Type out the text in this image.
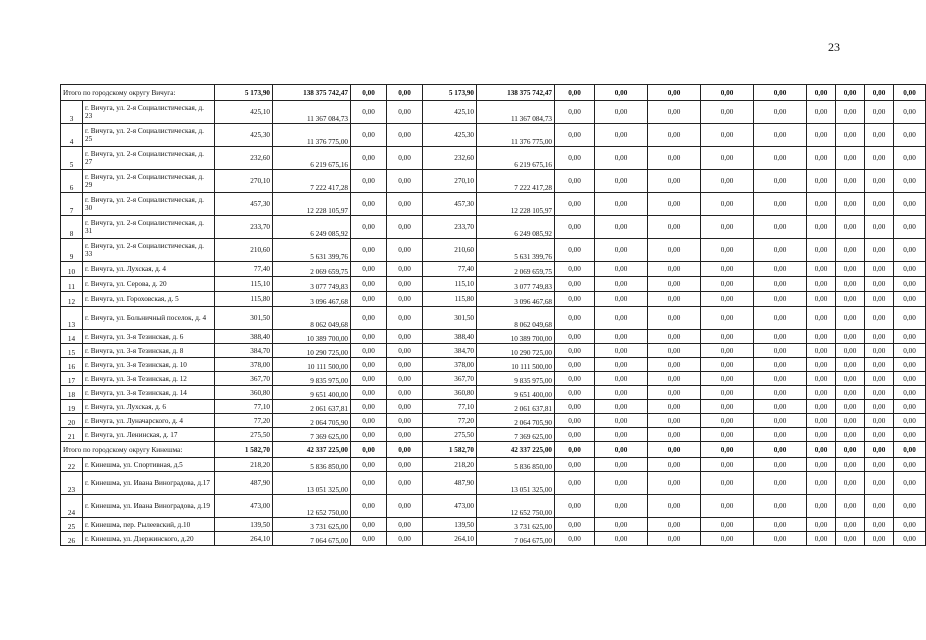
23
Итого по городскому округу Вичуга:		5 173,90	138 375 742,47	0,00	0,00	5 173,90	138 375 742,47	0,00	0,00	0,00	0,00	0,00	0,00	0,00	0,00	0,00
3	г. Вичуга, ул. 2-я Социалистическая, д. 23	425,10	11 367 084,73	0,00	0,00	425,10	11 367 084,73	0,00	0,00	0,00	0,00	0,00	0,00	0,00	0,00	0,00
4	г. Вичуга, ул. 2-я Социалистическая, д. 25	425,30	11 376 775,00	0,00	0,00	425,30	11 376 775,00	0,00	0,00	0,00	0,00	0,00	0,00	0,00	0,00	0,00
5	г. Вичуга, ул. 2-я Социалистическая, д. 27	232,60	6 219 675,16	0,00	0,00	232,60	6 219 675,16	0,00	0,00	0,00	0,00	0,00	0,00	0,00	0,00	0,00
6	г. Вичуга, ул. 2-я Социалистическая, д. 29	270,10	7 222 417,28	0,00	0,00	270,10	7 222 417,28	0,00	0,00	0,00	0,00	0,00	0,00	0,00	0,00	0,00
7	г. Вичуга, ул. 2-я Социалистическая, д. 30	457,30	12 228 105,97	0,00	0,00	457,30	12 228 105,97	0,00	0,00	0,00	0,00	0,00	0,00	0,00	0,00	0,00
8	г. Вичуга, ул. 2-я Социалистическая, д. 31	233,70	6 249 085,92	0,00	0,00	233,70	6 249 085,92	0,00	0,00	0,00	0,00	0,00	0,00	0,00	0,00	0,00
9	г. Вичуга, ул. 2-я Социалистическая, д. 33	210,60	5 631 399,76	0,00	0,00	210,60	5 631 399,76	0,00	0,00	0,00	0,00	0,00	0,00	0,00	0,00	0,00
10	г. Вичуга, ул. Лухская, д. 4	77,40	2 069 659,75	0,00	0,00	77,40	2 069 659,75	0,00	0,00	0,00	0,00	0,00	0,00	0,00	0,00	0,00
11	г. Вичуга, ул. Серова, д. 20	115,10	3 077 749,83	0,00	0,00	115,10	3 077 749,83	0,00	0,00	0,00	0,00	0,00	0,00	0,00	0,00	0,00
12	г. Вичуга, ул. Гороховская, д. 5	115,80	3 096 467,68	0,00	0,00	115,80	3 096 467,68	0,00	0,00	0,00	0,00	0,00	0,00	0,00	0,00	0,00
13	г. Вичуга, ул. Больничный поселок, д. 4	301,50	8 062 049,68	0,00	0,00	301,50	8 062 049,68	0,00	0,00	0,00	0,00	0,00	0,00	0,00	0,00	0,00
14	г. Вичуга, ул. 3-я Тезинская, д. 6	388,40	10 389 700,00	0,00	0,00	388,40	10 389 700,00	0,00	0,00	0,00	0,00	0,00	0,00	0,00	0,00	0,00
15	г. Вичуга, ул. 3-я Тезинская, д. 8	384,70	10 290 725,00	0,00	0,00	384,70	10 290 725,00	0,00	0,00	0,00	0,00	0,00	0,00	0,00	0,00	0,00
16	г. Вичуга, ул. 3-я Тезинская, д. 10	378,00	10 111 500,00	0,00	0,00	378,00	10 111 500,00	0,00	0,00	0,00	0,00	0,00	0,00	0,00	0,00	0,00
17	г. Вичуга, ул. 3-я Тезинская, д. 12	367,70	9 835 975,00	0,00	0,00	367,70	9 835 975,00	0,00	0,00	0,00	0,00	0,00	0,00	0,00	0,00	0,00
18	г. Вичуга, ул. 3-я Тезинская, д. 14	360,80	9 651 400,00	0,00	0,00	360,80	9 651 400,00	0,00	0,00	0,00	0,00	0,00	0,00	0,00	0,00	0,00
19	г. Вичуга, ул. Лухская, д. 6	77,10	2 061 637,81	0,00	0,00	77,10	2 061 637,81	0,00	0,00	0,00	0,00	0,00	0,00	0,00	0,00	0,00
20	г. Вичуга, ул. Луначарского, д. 4	77,20	2 064 705,90	0,00	0,00	77,20	2 064 705,90	0,00	0,00	0,00	0,00	0,00	0,00	0,00	0,00	0,00
21	г. Вичуга, ул. Ленинская, д. 17	275,50	7 369 625,00	0,00	0,00	275,50	7 369 625,00	0,00	0,00	0,00	0,00	0,00	0,00	0,00	0,00	0,00
Итого по городскому округу Кинешма:		1 582,70	42 337 225,00	0,00	0,00	1 582,70	42 337 225,00	0,00	0,00	0,00	0,00	0,00	0,00	0,00	0,00	0,00
22	г. Кинешма, ул. Спортивная, д.5	218,20	5 836 850,00	0,00	0,00	218,20	5 836 850,00	0,00	0,00	0,00	0,00	0,00	0,00	0,00	0,00	0,00
23	г. Кинешма, ул. Ивана Виноградова, д.17	487,90	13 051 325,00	0,00	0,00	487,90	13 051 325,00	0,00	0,00	0,00	0,00	0,00	0,00	0,00	0,00	0,00
24	г. Кинешма, ул. Ивана Виноградова, д.19	473,00	12 652 750,00	0,00	0,00	473,00	12 652 750,00	0,00	0,00	0,00	0,00	0,00	0,00	0,00	0,00	0,00
25	г. Кинешма, пер. Рылеевский, д.10	139,50	3 731 625,00	0,00	0,00	139,50	3 731 625,00	0,00	0,00	0,00	0,00	0,00	0,00	0,00	0,00	0,00
26	г. Кинешма, ул. Дзержинского, д.20	264,10	7 064 675,00	0,00	0,00	264,10	7 064 675,00	0,00	0,00	0,00	0,00	0,00	0,00	0,00	0,00	0,00
